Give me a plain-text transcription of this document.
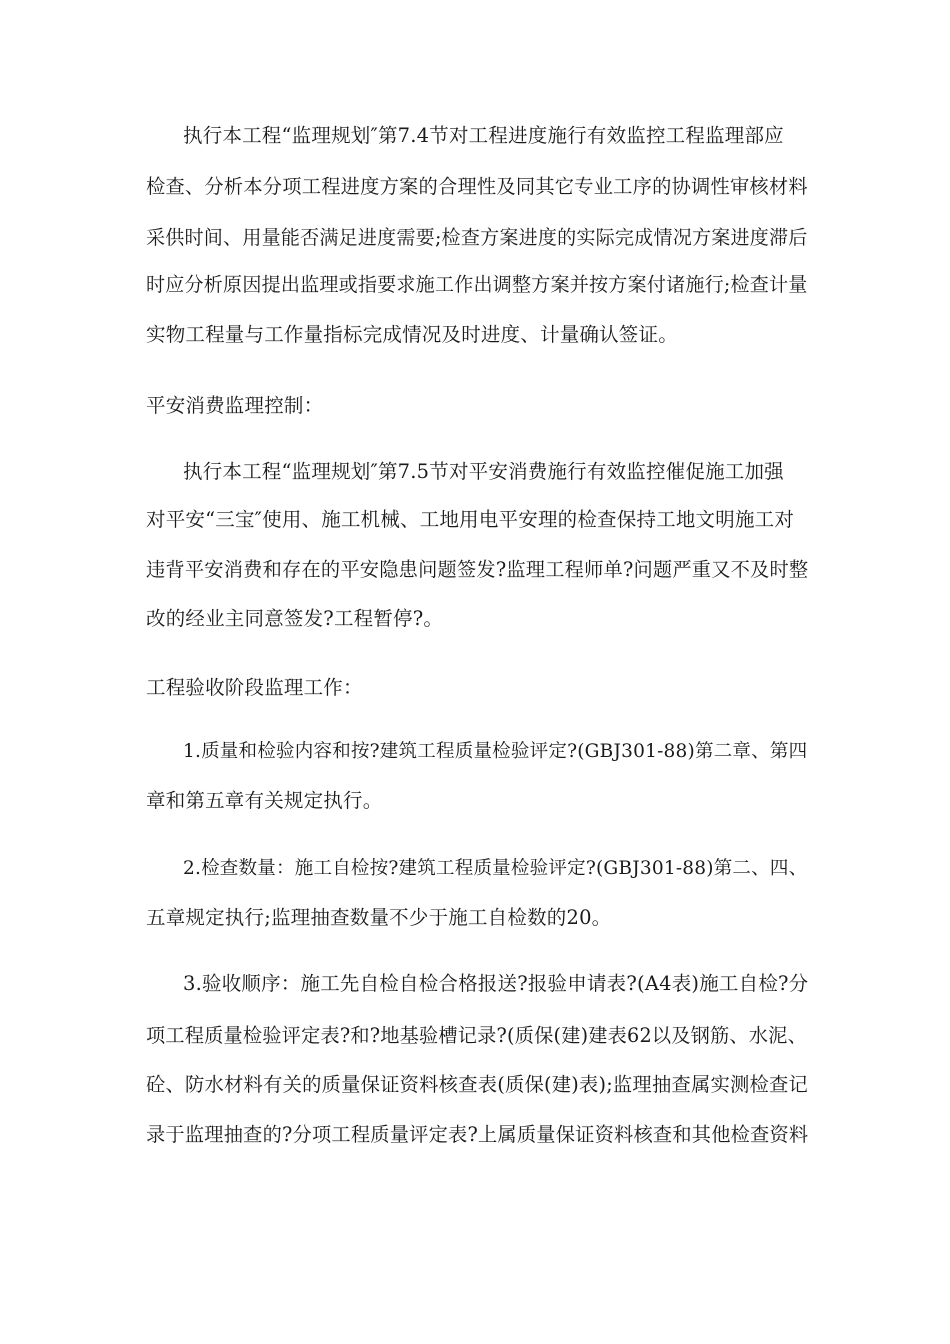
执行本工程“监理规划″第7.4节对工程进度施行有效监控工程监理部应
检查、分析本分项工程进度方案的合理性及同其它专业工序的协调性审核材料
采供时间、用量能否满足进度需要;检查方案进度的实际完成情况方案进度滞后
时应分析原因提出监理或指要求施工作出调整方案并按方案付诸施行;检查计量
实物工程量与工作量指标完成情况及时进度、计量确认签证。
平安消费监理控制：
执行本工程“监理规划″第7.5节对平安消费施行有效监控催促施工加强
对平安“三宝″使用、施工机械、工地用电平安理的检查保持工地文明施工对
违背平安消费和存在的平安隐患问题签发?监理工程师单?问题严重又不及时整
改的经业主同意签发?工程暂停?。
工程验收阶段监理工作：
1.质量和检验内容和按?建筑工程质量检验评定?(GBJ301-88)第二章、第四
章和第五章有关规定执行。
2.检查数量：施工自检按?建筑工程质量检验评定?(GBJ301-88)第二、四、
五章规定执行;监理抽查数量不少于施工自检数的20。
3.验收顺序：施工先自检自检合格报送?报验申请表?(A4表)施工自检?分
项工程质量检验评定表?和?地基验槽记录?(质保(建)建表62以及钢筋、水泥、
砼、防水材料有关的质量保证资料核查表(质保(建)表);监理抽查属实测检查记
录于监理抽查的?分项工程质量评定表?上属质量保证资料核查和其他检查资料
